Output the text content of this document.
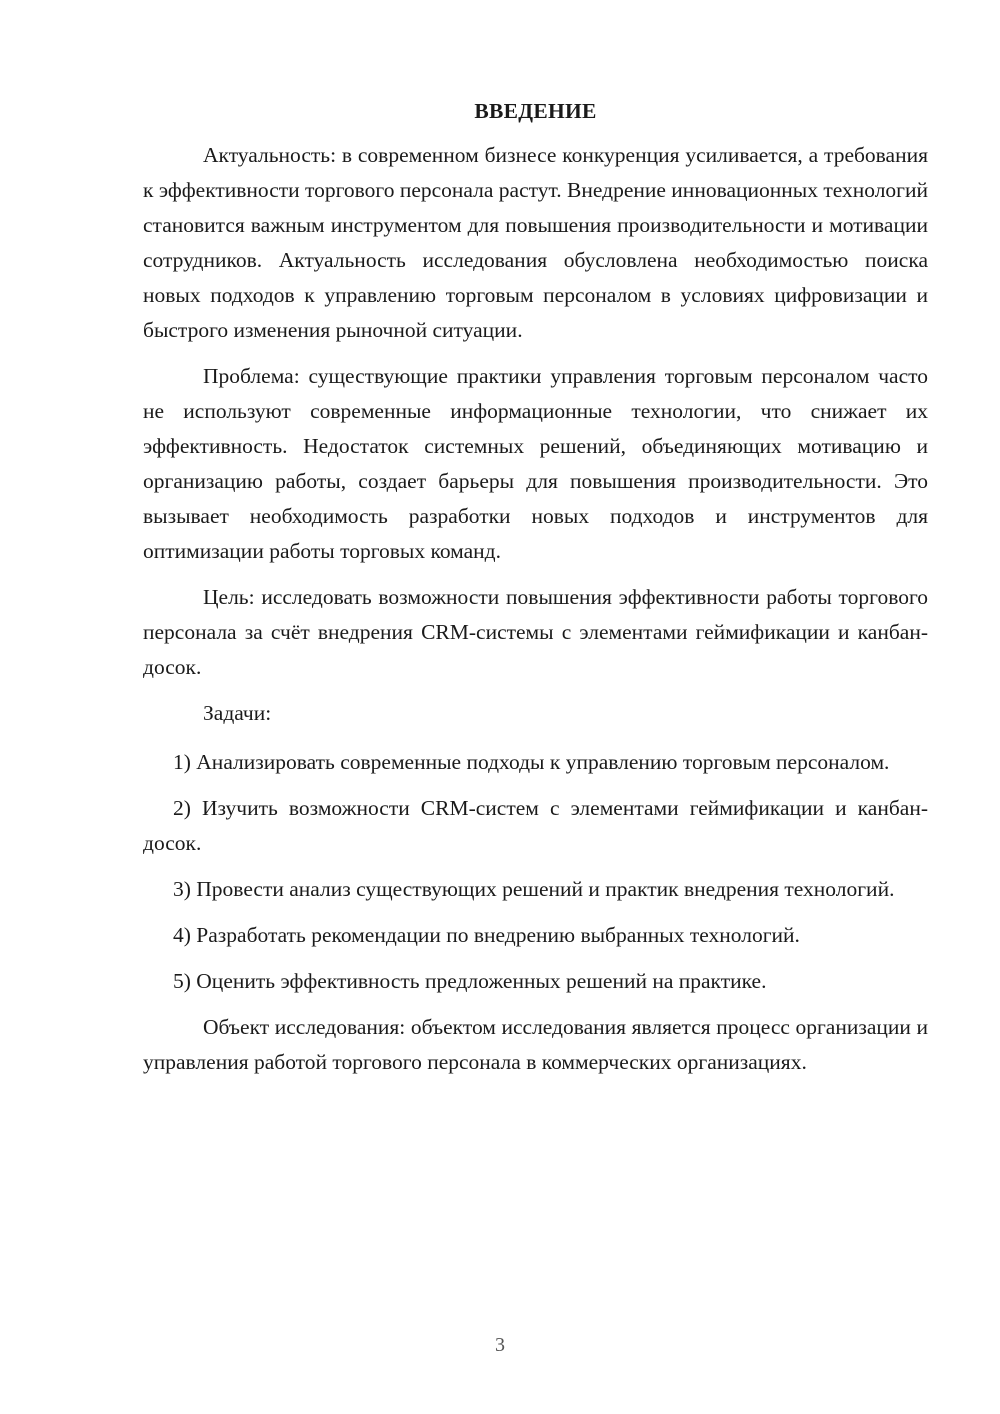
ВВЕДЕНИЕ

Актуальность: в современном бизнесе конкуренция усиливается, а требования к эффективности торгового персонала растут. Внедрение инновационных технологий становится важным инструментом для повышения производительности и мотивации сотрудников. Актуальность исследования обусловлена необходимостью поиска новых подходов к управлению торговым персоналом в условиях цифровизации и быстрого изменения рыночной ситуации.

Проблема: существующие практики управления торговым персоналом часто не используют современные информационные технологии, что снижает их эффективность. Недостаток системных решений, объединяющих мотивацию и организацию работы, создает барьеры для повышения производительности. Это вызывает необходимость разработки новых подходов и инструментов для оптимизации работы торговых команд.

Цель: исследовать возможности повышения эффективности работы торгового персонала за счёт внедрения CRM-системы с элементами геймификации и канбан-досок.

Задачи:

1) Анализировать современные подходы к управлению торговым персоналом.

2) Изучить возможности CRM-систем с элементами геймификации и канбан-досок.

3) Провести анализ существующих решений и практик внедрения технологий.

4) Разработать рекомендации по внедрению выбранных технологий.

5) Оценить эффективность предложенных решений на практике.

Объект исследования: объектом исследования является процесс организации и управления работой торгового персонала в коммерческих организациях.

3
